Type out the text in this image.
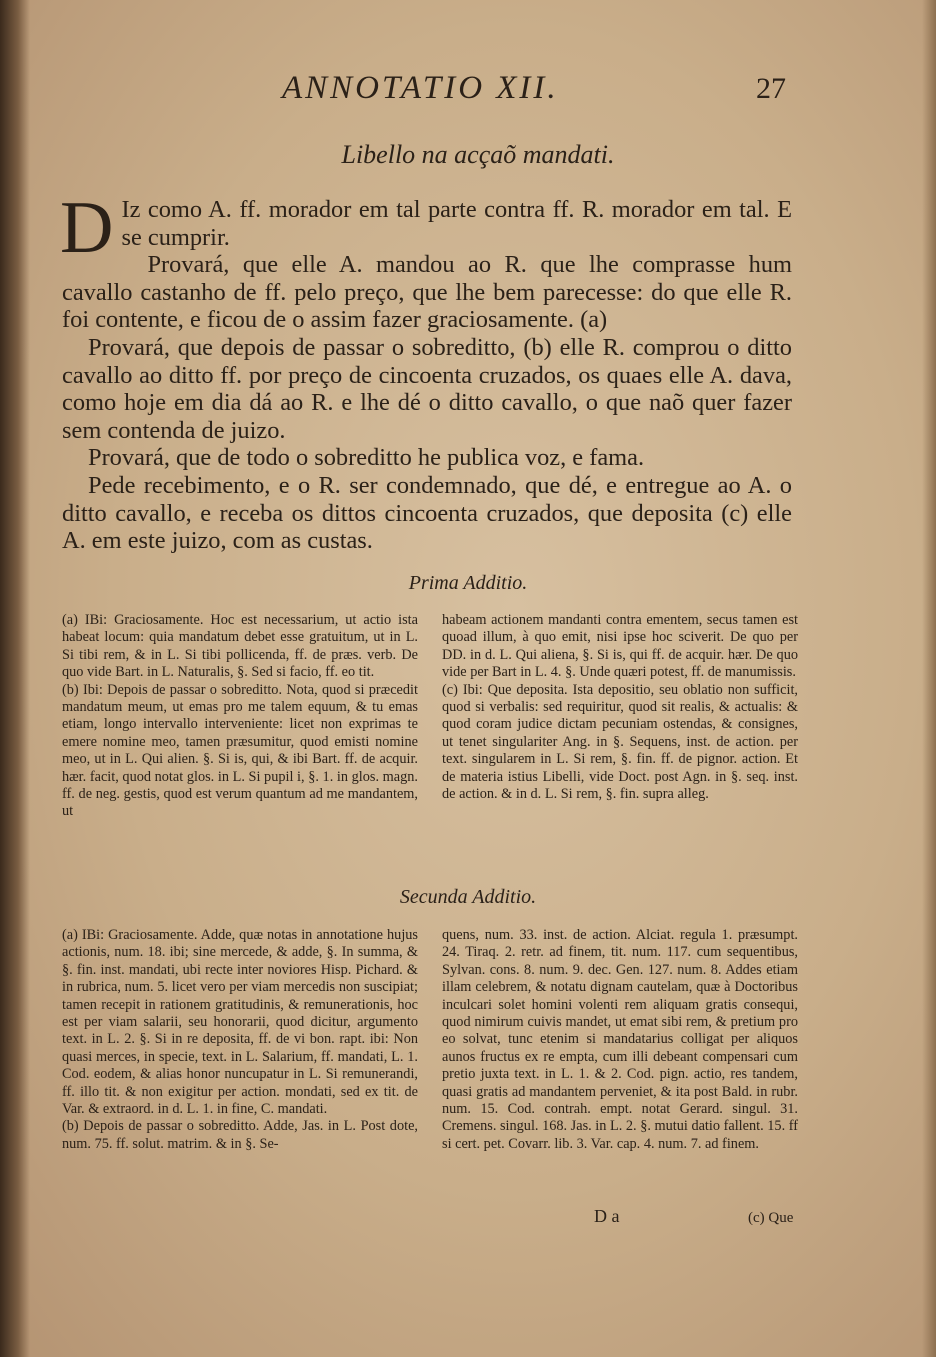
ANNOTATIO XII.	27
Libello na acçaõ mandati.

D Iz como A. ff. morador em tal parte contra ff. R. morador em tal. E se cumprir.

Provará, que elle A. mandou ao R. que lhe comprasse hum cavallo castanho de ff. pelo preço, que lhe bem parecesse: do que elle R. foi contente, e ficou de o assim fazer graciosamente. (a)

Provará, que depois de passar o sobreditto, (b) elle R. comprou o ditto cavallo ao ditto ff. por preço de cincoenta cruzados, os quaes elle A. dava, como hoje em dia dá ao R. e lhe dé o ditto cavallo, o que naõ quer fazer sem contenda de juizo.

Provará, que de todo o sobreditto he publica voz, e fama.

Pede recebimento, e o R. ser condemnado, que dé, e entregue ao A. o ditto cavallo, e receba os dittos cincoenta cruzados, que deposita (c) elle A. em este juizo, com as custas.

Prima Additio.

(a) IBi: Graciosamente. Hoc est necessarium, ut actio ista habeat locum: quia mandatum debet esse gratuitum, ut in L. Si tibi rem, & in L. Si tibi pollicenda, ff. de præs. verb. De quo vide Bart. in L. Naturalis, §. Sed si facio, ff. eo tit.

(b) Ibi: Depois de passar o sobreditto. Nota, quod si præcedit mandatum meum, ut emas pro me talem equum, & tu emas etiam, longo intervallo interveniente: licet non exprimas te emere nomine meo, tamen præsumitur, quod emisti nomine meo, ut in L. Qui alien. §. Si is, qui, & ibi Bart. ff. de acquir. hær. facit, quod notat glos. in L. Si pupil i, §. 1. in glos. magn. ff. de neg. gestis, quod est verum quantum ad me mandantem, ut

habeam actionem mandanti contra ementem, secus tamen est quoad illum, à quo emit, nisi ipse hoc sciverit. De quo per DD. in d. L. Qui aliena, §. Si is, qui ff. de acquir. hær. De quo vide per Bart in L. 4. §. Unde quæri potest, ff. de manumissis.

(c) Ibi: Que deposita. Ista depositio, seu oblatio non sufficit, quod si verbalis: sed requiritur, quod sit realis, & actualis: & quod coram judice dictam pecuniam ostendas, & consignes, ut tenet singulariter Ang. in §. Sequens, inst. de action. per text. singularem in L. Si rem, §. fin. ff. de pignor. action. Et de materia istius Libelli, vide Doct. post Agn. in §. seq. inst. de action. & in d. L. Si rem, §. fin. supra alleg.

Secunda Additio.

(a) IBi: Graciosamente. Adde, quæ notas in annotatione hujus actionis, num. 18. ibi; sine mercede, & adde, §. In summa, & §. fin. inst. mandati, ubi recte inter noviores Hisp. Pichard. & in rubrica, num. 5. licet vero per viam mercedis non suscipiat; tamen recepit in rationem gratitudinis, & remunerationis, hoc est per viam salarii, seu honorarii, quod dicitur, argumento text. in L. 2. §. Si in re deposita, ff. de vi bon. rapt. ibi: Non quasi merces, in specie, text. in L. Salarium, ff. mandati, L. 1. Cod. eodem, & alias honor nuncupatur in L. Si remunerandi, ff. illo tit. & non exigitur per action. mondati, sed ex tit. de Var. & extraord. in d. L. 1. in fine, C. mandati.

(b) Depois de passar o sobreditto. Adde, Jas. in L. Post dote, num. 75. ff. solut. matrim. & in §. Se-

quens, num. 33. inst. de action. Alciat. regula 1. præsumpt. 24. Tiraq. 2. retr. ad finem, tit. num. 117. cum sequentibus, Sylvan. cons. 8. num. 9. dec. Gen. 127. num. 8. Addes etiam illam celebrem, & notatu dignam cautelam, quæ à Doctoribus inculcari solet homini volenti rem aliquam gratis consequi, quod nimirum cuivis mandet, ut emat sibi rem, & pretium pro eo solvat, tunc etenim si mandatarius colligat per aliquos aunos fructus ex re empta, cum illi debeant compensari cum pretio juxta text. in L. 1. & 2. Cod. pign. actio, res tandem, quasi gratis ad mandantem perveniet, & ita post Bald. in rubr. num. 15. Cod. contrah. empt. notat Gerard. singul. 31. Cremens. singul. 168. Jas. in L. 2. §. mutui datio fallent. 15. ff si cert. pet. Covarr. lib. 3. Var. cap. 4. num. 7. ad finem.

D a	(c) Que
